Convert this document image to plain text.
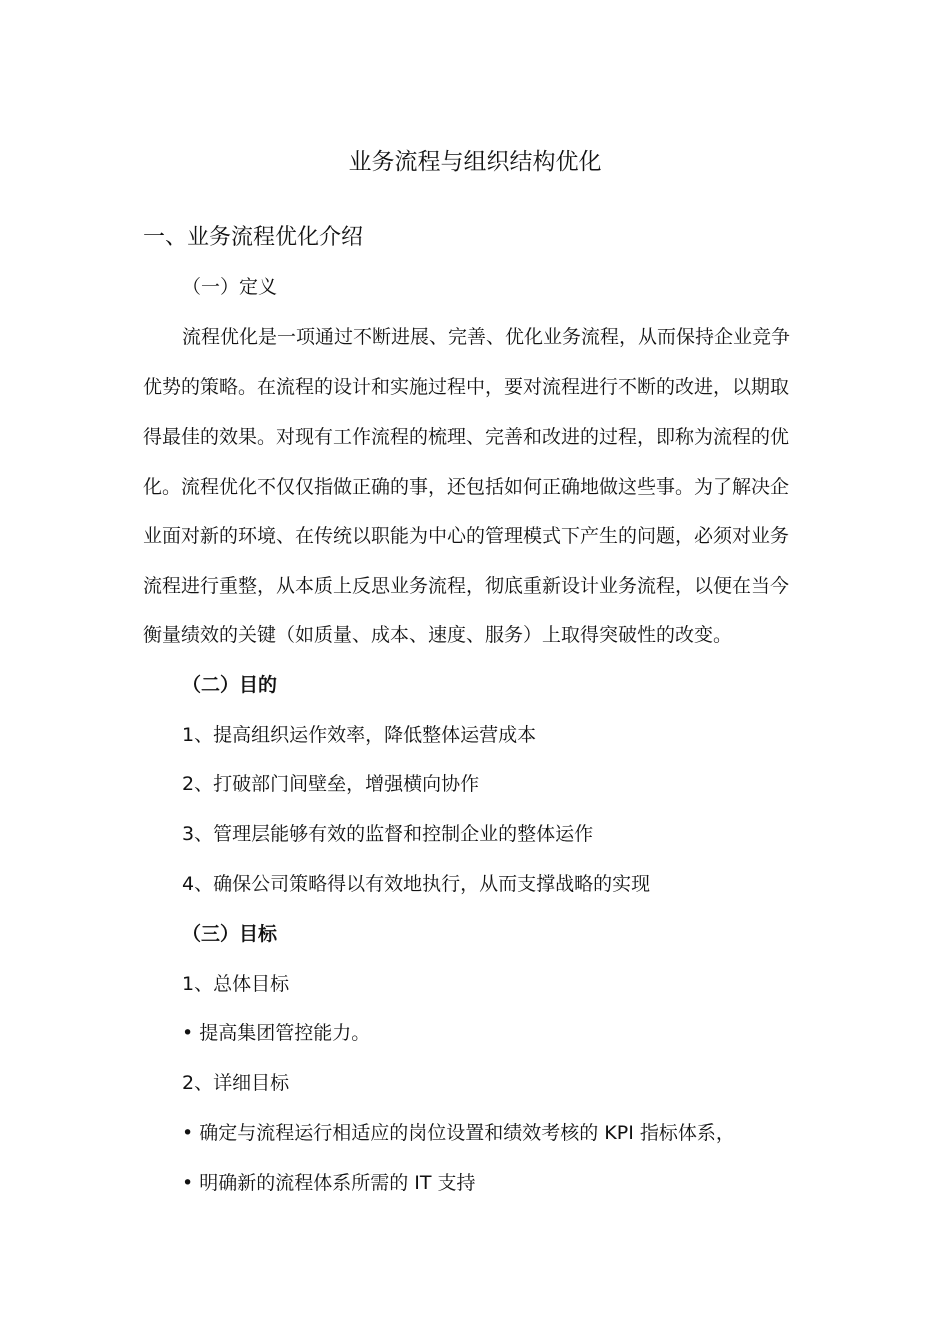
业务流程与组织结构优化
一、业务流程优化介绍
（一）定义
流程优化是一项通过不断进展、完善、优化业务流程，从而保持企业竞争
优势的策略。在流程的设计和实施过程中，要对流程进行不断的改进，以期取
得最佳的效果。对现有工作流程的梳理、完善和改进的过程，即称为流程的优
化。流程优化不仅仅指做正确的事，还包括如何正确地做这些事。为了解决企
业面对新的环境、在传统以职能为中心的管理模式下产生的问题，必须对业务
流程进行重整，从本质上反思业务流程，彻底重新设计业务流程，以便在当今
衡量绩效的关键（如质量、成本、速度、服务）上取得突破性的改变。
（二）目的
1、提高组织运作效率，降低整体运营成本
2、打破部门间壁垒，增强横向协作
3、管理层能够有效的监督和控制企业的整体运作
4、确保公司策略得以有效地执行，从而支撑战略的实现
（三）目标
1、总体目标
• 提高集团管控能力。
2、详细目标
• 确定与流程运行相适应的岗位设置和绩效考核的 KPI 指标体系，
• 明确新的流程体系所需的 IT 支持
